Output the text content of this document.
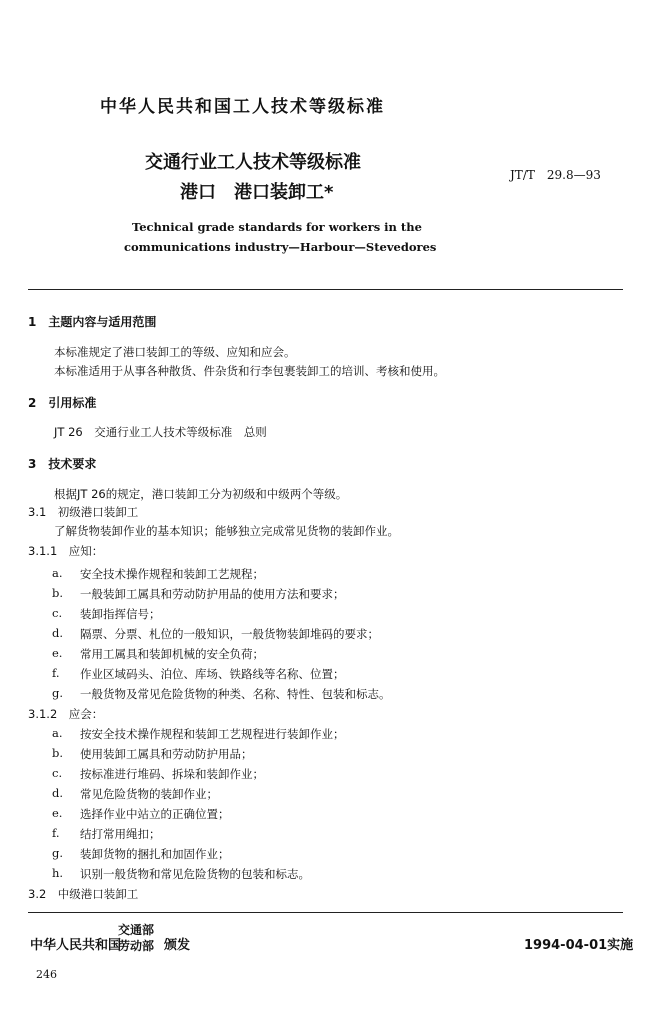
中华人民共和国工人技术等级标准
交通行业工人技术等级标准
港口　港口装卸工*
JT/T　29.8—93
Technical grade standards for workers in the
communications industry—Harbour—Stevedores
1　主题内容与适用范围
本标准规定了港口装卸工的等级、应知和应会。
本标准适用于从事各种散货、件杂货和行李包裹装卸工的培训、考核和使用。
2　引用标准
JT 26　交通行业工人技术等级标准　总则
3　技术要求
根据JT 26的规定，港口装卸工分为初级和中级两个等级。
3.1　初级港口装卸工
了解货物装卸作业的基本知识；能够独立完成常见货物的装卸作业。
3.1.1　应知：
a. 安全技术操作规程和装卸工艺规程；
b. 一般装卸工属具和劳动防护用品的使用方法和要求；
c. 装卸指挥信号；
d. 隔票、分票、札位的一般知识，一般货物装卸堆码的要求；
e. 常用工属具和装卸机械的安全负荷；
f. 作业区域码头、泊位、库场、铁路线等名称、位置；
g. 一般货物及常见危险货物的种类、名称、特性、包装和标志。
3.1.2　应会：
a. 按安全技术操作规程和装卸工艺规程进行装卸作业；
b. 使用装卸工属具和劳动防护用品；
c. 按标准进行堆码、拆垛和装卸作业；
d. 常见危险货物的装卸作业；
e. 选择作业中站立的正确位置；
f. 结打常用绳扣；
g. 装卸货物的捆扎和加固作业；
h. 识别一般货物和常见危险货物的包装和标志。
3.2　中级港口装卸工
中华人民共和国
交通部
劳动部 颁发	1994-04-01实施
246
